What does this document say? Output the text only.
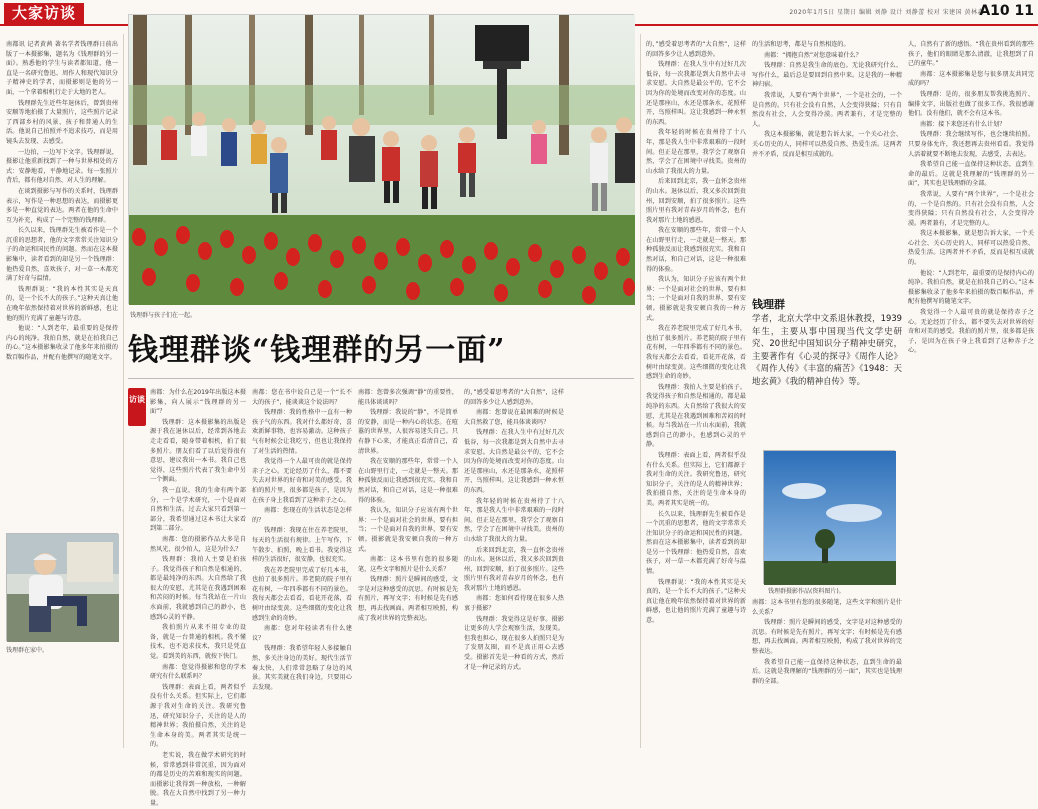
大家访谈	2020年1月5日 星期日 编辑 刘静 设计 刘静蕾 校对 宋建国 黄林森
A10 11

南都讯 记者黄茜 著名学者钱理群日前出版了一本摄影集，题名为《钱理群的另一面》。熟悉他的学生与读者都知道，他一直是一名研究鲁迅、周作人和现代知识分子精神史的学者，而摄影则是他的另一面，一个拿着相机行走于大地的老人。

钱理群先生近些年退休后，曾到贵州安顺等地拍摄了大量照片，这些照片记录了西部乡村的风景、孩子和普通人的生活。他说自己拍照并不追求技巧，而是用镜头去发现、去感受。

一边拍，一边写下文字。钱理群说，摄影让他重新找到了一种与世界相处的方式：安静地看，平静地记录。每一张照片背后，都有他对自然、对人生的理解。

在谈到摄影与写作的关系时，钱理群表示，写作是一种思想的表达，而摄影更多是一种直觉的表达。两者在他的生命中互为补充，构成了一个完整的钱理群。

长久以来，钱理群先生被看作是一个沉重的思想者，他的文字常常关注知识分子的命运和国民性的问题。然而在这本摄影集中，读者看到的却是另一个钱理群：他热爱自然，喜欢孩子，对一草一木都充满了好奇与温情。

钱理群说：“我的本性其实是天真的，是一个长不大的孩子。”这种天真让他在晚年依然保持着对世界的新鲜感，也让他的照片充满了童趣与诗意。

他说：“人到老年，最重要的是保持内心的纯净。我拍自然，就是在拍我自己的心。”这本摄影集收录了他多年来拍摄的数百幅作品，并配有他撰写的随笔文字。

钱理群在家中。
钱理群与孩子们在一起。
钱理群谈“钱理群的另一面”
访谈

南都：为什么在2019年出版这本摄影集，向人展示“钱理群的另一面”？

钱理群：这本摄影集的出版是源于我在退休以后，经常到各地去走走看看，随身带着相机，拍了很多照片。朋友们看了以后觉得很有意思，建议我出一本书。我自己也觉得，这些照片代表了我生命中另一个侧面。

我一直说，我的生命有两个部分，一个是学术研究，一个是面对自然和生活。过去大家只看到第一部分，我希望通过这本书让大家看到第二部分。

南都：您的摄影作品大多是自然风光，很少拍人，这是为什么？

钱理群：我拍人主要是拍孩子。我觉得孩子和自然是相通的，都是最纯净的东西。大自然给了我很大的安慰，尤其是在我遇到困难和苦闷的时候。每当我站在一片山水面前，我就感到自己的渺小，也感到心灵的平静。

我拍照片从来不用专业的设备，就是一台普通的相机。我不懂技术，也不追求技术，我只是凭直觉。看到美的东西，就按下快门。

南都：您觉得摄影和您的学术研究有什么联系吗？

钱理群：表面上看，两者似乎没有什么关系。但实际上，它们都源于我对生命的关注。我研究鲁迅，研究知识分子，关注的是人的精神世界；我拍摄自然，关注的是生命本身的美。两者其实是统一的。

老实说，我在做学术研究的时候，常常感到非常沉重，因为面对的都是历史的苦难和现实的问题。而摄影让我得到一种放松，一种解脱。我在大自然中找到了另一种力量。

南都：您在书中说自己是一个“长不大的孩子”，能谈谈这个说法吗？

钱理群：我的性格中一直有一种孩子气的东西。我对什么都好奇，喜欢新鲜事物，也容易激动。这种孩子气有时候会让我吃亏，但也让我保持了对生活的热情。

我觉得一个人最可贵的就是保持赤子之心。无论经历了什么，都不要失去对世界的好奇和对美的感受。我拍的照片里，很多都是孩子，是因为在孩子身上我看到了这种赤子之心。

南都：您现在的生活状态是怎样的？

钱理群：我现在住在养老院里，每天的生活很有规律。上午写作，下午散步、拍照，晚上看书。我觉得这样的生活很好，很安静，也很充实。

我在养老院里完成了好几本书，也拍了很多照片。养老院的院子里有花有树，一年四季都有不同的景色。我每天都会去看看，看花开花落，看树叶由绿变黄。这些细微的变化让我感到生命的奇妙。

南都：您对年轻读者有什么建议？

钱理群：我希望年轻人多接触自然，多关注身边的美好。现代生活节奏太快，人们常常忽略了身边的风景。其实美就在我们身边，只要用心去发现。

南都：您曾多次强调“静”的重要性，能具体谈谈吗？

钱理群：我说的“静”，不是简单的安静，而是一种内心的状态。在喧嚣的世界里，人很容易迷失自己。只有静下心来，才能真正看清自己，看清世界。

我在安顺的那些年，常常一个人在山野里行走，一走就是一整天。那种孤独反而让我感到很充实。我和自然对话，和自己对话，这是一种很难得的体验。

我认为，知识分子应该有两个世界：一个是面对社会的世界，要有担当；一个是面对自我的世界，要有安顿。摄影就是我安顿自我的一种方式。

南都：这本书里有您的很多随笔，这些文字和照片是什么关系？

钱理群：照片是瞬间的感受，文字是对这种感受的沉思。有时候是先有照片，再写文字；有时候是先有感想，再去找画面。两者相互映照，构成了我对世界的完整表达。

的，”感受着思考者的“大自然”，这样的回答多少让人感到意外。

南都：您曾说在最困难的时候是大自然救了您，能具体谈谈吗？

钱理群：在我人生中有过好几次低谷，每一次我都是到大自然中去寻求安慰。大自然是最公平的，它不会因为你的处境而改变对你的态度。山还是那座山，水还是那条水，花照样开，鸟照样叫。这让我感到一种永恒的东西。

我年轻的时候在贵州待了十八年，那是我人生中非常艰难的一段时间。但正是在那里，我学会了观察自然，学会了在困境中寻找美。贵州的山水给了我很大的力量。

后来回到北京，我一直怀念贵州的山水。退休以后，我又多次回到贵州，回到安顺，拍了很多照片。这些照片里有我对青春岁月的怀念，也有我对那片土地的感恩。

南都：您如何看待现在很多人热衷于摄影？

钱理群：我觉得这是好事。摄影让更多的人学会观察生活，发现美。但我也担心，现在很多人拍照只是为了发朋友圈，而不是真正用心去感受。摄影首先是一种看的方式，然后才是一种记录的方式。

的，”感受着思考者的“大自然”，这样的回答多少让人感到意外。

钱理群：在我人生中有过好几次低谷，每一次我都是到大自然中去寻求安慰。大自然是最公平的，它不会因为你的处境而改变对你的态度。山还是那座山，水还是那条水，花照样开，鸟照样叫。这让我感到一种永恒的东西。

我年轻的时候在贵州待了十八年，那是我人生中非常艰难的一段时间。但正是在那里，我学会了观察自然，学会了在困境中寻找美。贵州的山水给了我很大的力量。

后来回到北京，我一直怀念贵州的山水。退休以后，我又多次回到贵州，回到安顺，拍了很多照片。这些照片里有我对青春岁月的怀念，也有我对那片土地的感恩。

我在安顺的那些年，常常一个人在山野里行走，一走就是一整天。那种孤独反而让我感到很充实。我和自然对话，和自己对话，这是一种很难得的体验。

我认为，知识分子应该有两个世界：一个是面对社会的世界，要有担当；一个是面对自我的世界，要有安顿。摄影就是我安顿自我的一种方式。

我在养老院里完成了好几本书，也拍了很多照片。养老院的院子里有花有树，一年四季都有不同的景色。我每天都会去看看，看花开花落，看树叶由绿变黄。这些细微的变化让我感到生命的奇妙。

钱理群：我拍人主要是拍孩子。我觉得孩子和自然是相通的，都是最纯净的东西。大自然给了我很大的安慰，尤其是在我遇到困难和苦闷的时候。每当我站在一片山水面前，我就感到自己的渺小，也感到心灵的平静。

钱理群：表面上看，两者似乎没有什么关系。但实际上，它们都源于我对生命的关注。我研究鲁迅，研究知识分子，关注的是人的精神世界；我拍摄自然，关注的是生命本身的美。两者其实是统一的。

长久以来，钱理群先生被看作是一个沉重的思想者，他的文字常常关注知识分子的命运和国民性的问题。然而在这本摄影集中，读者看到的却是另一个钱理群：他热爱自然，喜欢孩子，对一草一木都充满了好奇与温情。

钱理群说：“我的本性其实是天真的，是一个长不大的孩子。”这种天真让他在晚年依然保持着对世界的新鲜感，也让他的照片充满了童趣与诗意。

的生活和思考，都是与自然相连的。

南都：“拥抱自然”对您意味着什么？

钱理群：自然是我生命的底色。无论我研究什么、写作什么，最后总是要回到自然中来。这是我的一种精神归宿。

我常说，人要有“两个世界”，一个是社会的，一个是自然的。只有社会没有自然，人会变得狭隘；只有自然没有社会，人会变得冷漠。两者兼有，才是完整的人。

我这本摄影集，就是想告诉大家，一个关心社会、关心历史的人，同样可以热爱自然、热爱生活。这两者并不矛盾，反而是相互成就的。

钱理群
学者，北京大学中文系退休教授，1939年生，主要从事中国现当代文学史研究、20世纪中国知识分子精神史研究，主要著作有《心灵的探寻》《周作人论》《周作人传》《丰富的痛苦》《1948：天地玄黄》《我的精神自传》等。
钱理群摄影作品(资料图片)。

人，自然有了新的感悟。“我在贵州看到的那些孩子，他们的眼睛是那么清澈，让我想到了自己的童年。”

南都：这本摄影集是您与很多朋友共同完成的吗？

钱理群：是的，很多朋友帮我挑选照片、编排文字，出版社也做了很多工作。我很感谢他们。没有他们，就不会有这本书。

南都：接下来您还有什么计划？

钱理群：我会继续写作，也会继续拍照。只要身体允许，我还想再去贵州看看。我觉得人活着就要不断地去发现，去感受，去表达。

我希望自己能一直保持这种状态，直到生命的最后。这就是我理解的“钱理群的另一面”，其实也是钱理群的全部。

我常说，人要有“两个世界”，一个是社会的，一个是自然的。只有社会没有自然，人会变得狭隘；只有自然没有社会，人会变得冷漠。两者兼有，才是完整的人。

我这本摄影集，就是想告诉大家，一个关心社会、关心历史的人，同样可以热爱自然、热爱生活。这两者并不矛盾，反而是相互成就的。

他说：“人到老年，最重要的是保持内心的纯净。我拍自然，就是在拍我自己的心。”这本摄影集收录了他多年来拍摄的数百幅作品，并配有他撰写的随笔文字。

我觉得一个人最可贵的就是保持赤子之心。无论经历了什么，都不要失去对世界的好奇和对美的感受。我拍的照片里，很多都是孩子，是因为在孩子身上我看到了这种赤子之心。

南都：这本书里有您的很多随笔，这些文字和照片是什么关系？

钱理群：照片是瞬间的感受，文字是对这种感受的沉思。有时候是先有照片，再写文字；有时候是先有感想，再去找画面。两者相互映照，构成了我对世界的完整表达。

我希望自己能一直保持这种状态，直到生命的最后。这就是我理解的“钱理群的另一面”，其实也是钱理群的全部。
